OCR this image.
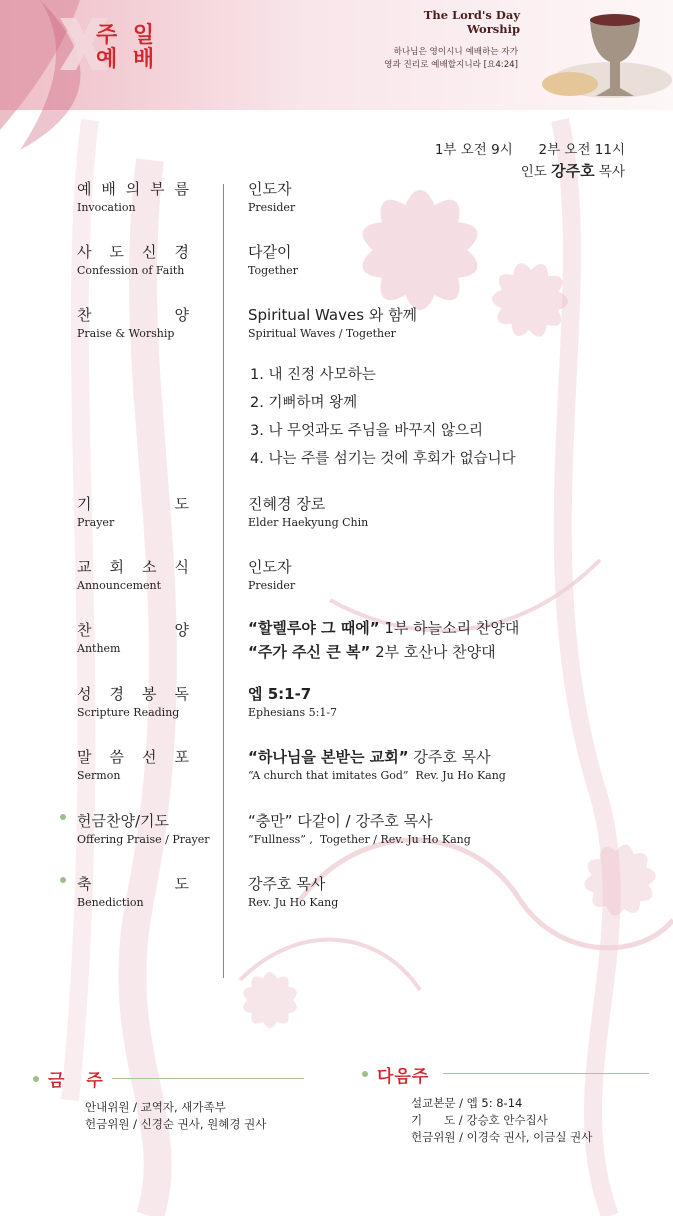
주 일
예 배
The Lord's Day Worship
하나님은 영이시니 예배하는 자가
영과 진리로 예배할지니라 [요4:24]
1부 오전 9시      2부 오전 11시
인도 강주호 목사
예 배 의 부 름
Invocation
인도자
Presider
사 도 신 경
Confession of Faith
다같이
Together
찬	양
Praise & Worship
Spiritual Waves 와 함께
Spiritual Waves / Together
1. 내 진정 사모하는
2. 기뻐하며 왕께
3. 나 무엇과도 주님을 바꾸지 않으리
4. 나는 주를 섬기는 것에 후회가 없습니다
기	도
Prayer
진혜경 장로
Elder Haekyung Chin
교 회 소 식
Announcement
인도자
Presider
찬	양
Anthem
“할렐루야 그 때에” 1부 하늘소리 찬양대
“주가 주신 큰 복” 2부 호산나 찬양대
성 경 봉 독
Scripture Reading
엡 5:1-7
Ephesians 5:1-7
말 씀 선 포
Sermon
“하나님을 본받는 교회” 강주호 목사
“A church that imitates God”  Rev. Ju Ho Kang
헌금찬양/기도
Offering Praise / Prayer
“충만” 다같이 / 강주호 목사
“Fullness” ,  Together / Rev. Ju Ho Kang
축	도
Benediction
강주호 목사
Rev. Ju Ho Kang
금 주
안내위원 / 교역자, 새가족부
헌금위원 / 신경순 권사, 원혜경 권사
다음주
설교본문 / 엡 5: 8-14
기      도 / 강승호 안수집사
헌금위원 / 이경숙 권사, 이금실 권사
